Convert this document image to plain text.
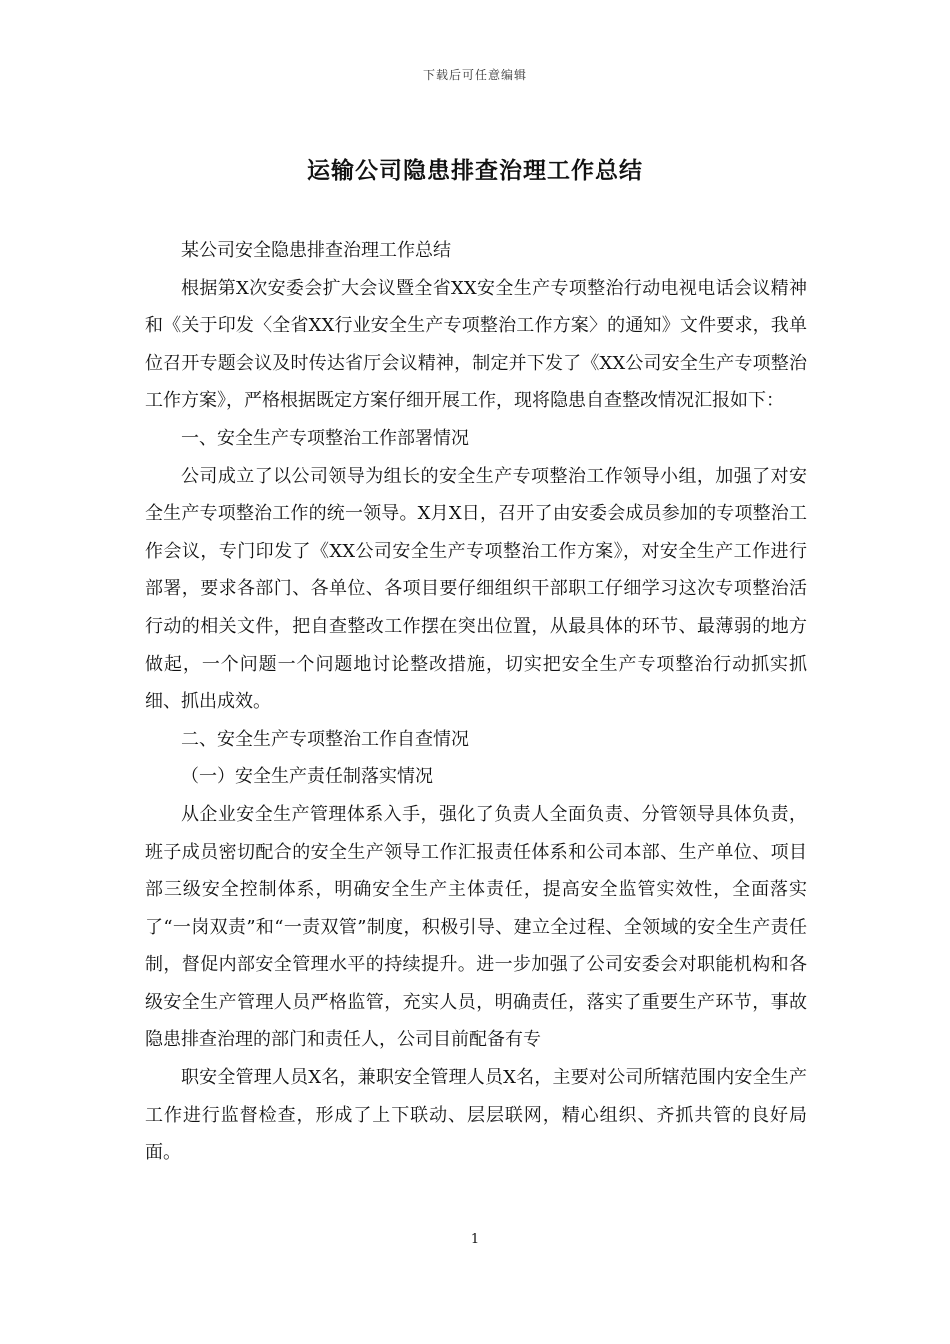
下载后可任意编辑
运输公司隐患排查治理工作总结

某公司安全隐患排查治理工作总结

根据第X次安委会扩大会议暨全省XX安全生产专项整治行动电视电话会议精神和《关于印发〈全省XX行业安全生产专项整治工作方案〉的通知》文件要求，我单位召开专题会议及时传达省厅会议精神，制定并下发了《XX公司安全生产专项整治工作方案》，严格根据既定方案仔细开展工作，现将隐患自查整改情况汇报如下：

一、安全生产专项整治工作部署情况

公司成立了以公司领导为组长的安全生产专项整治工作领导小组，加强了对安全生产专项整治工作的统一领导。X月X日，召开了由安委会成员参加的专项整治工作会议，专门印发了《XX公司安全生产专项整治工作方案》，对安全生产工作进行部署，要求各部门、各单位、各项目要仔细组织干部职工仔细学习这次专项整治活行动的相关文件，把自查整改工作摆在突出位置，从最具体的环节、最薄弱的地方做起，一个问题一个问题地讨论整改措施，切实把安全生产专项整治行动抓实抓细、抓出成效。

二、安全生产专项整治工作自查情况

（一）安全生产责任制落实情况

从企业安全生产管理体系入手，强化了负责人全面负责、分管领导具体负责，班子成员密切配合的安全生产领导工作汇报责任体系和公司本部、生产单位、项目部三级安全控制体系，明确安全生产主体责任，提高安全监管实效性，全面落实了“一岗双责”和“一责双管”制度，积极引导、建立全过程、全领域的安全生产责任制，督促内部安全管理水平的持续提升。进一步加强了公司安委会对职能机构和各级安全生产管理人员严格监管，充实人员，明确责任，落实了重要生产环节，事故隐患排查治理的部门和责任人，公司目前配备有专

职安全管理人员X名，兼职安全管理人员X名，主要对公司所辖范围内安全生产工作进行监督检查，形成了上下联动、层层联网，精心组织、齐抓共管的良好局面。

1
